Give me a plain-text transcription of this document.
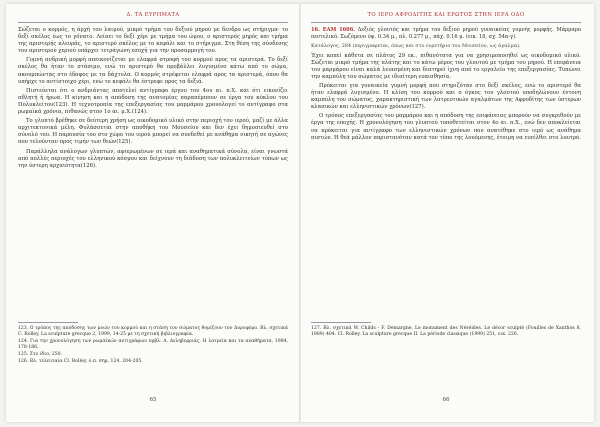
Δ. ΤΑ ΕΥΡΗΜΑΤΑ

Σώζεται ο κορμός, η άρχή του λαιμού, μικρό τμήμα του δεξιού μηρού με δενδρο ως στήριγμα· το δεξί σκέλος έως το γόνατο. Λείπει το δεξί χέρι με τμήμα του ώμου, ο αριστερός μηρός και τμήμα της αριστερής πλευράς, το αριστερό σκέλος με το κεφάλι και το στήριγμα. Στη θέση της σύνδεσης του αριστερού χεριού υπάρχει τετράγωνη εσοχή για την προσαρμογή του.

Γυμνή ανδρική μορφή απεικονίζεται με ελαφρά στροφή του κορμού προς τα αριστερά. Το δεξί σκέλος θα ήταν το στάσιμο, ενώ το αριστερό θα προβάλλει λυγισμένο κάτω από το σώμα, ακουμπώντας στο έδαφος με τα δάχτυλα. Ο κορμός στρέφεται ελαφρά προς τα αριστερά, όπου θα υπήρχε το αντίστοιχο χέρι, ενώ το κεφάλι θα έστρεφε προς τα δεξιά.

Πιστεύεται ότι ο ανδριάντας αποτελεί αντίγραφο έργου του 4ου αι. π.Χ. και ότι εικονίζει αθλητή ή ήρωα. Η κίνηση και η απόδοση της ανατομίας παραπέμπουν σε έργα του κύκλου του Πολυκλείτου(123). Η τεχνοτροπία της επεξεργασίας του μαρμάρου χρονολογεί το αντίγραφο στα ρωμαϊκά χρόνια, πιθανώς στον 1ο αι. μ.Χ.(124).

Το γλυπτό βρέθηκε σε δεύτερη χρήση ως οικοδομικό υλικό στην περιοχή του ιερού, μαζί με άλλα αρχιτεκτονικά μέλη. Φυλάσσεται στην αποθήκη του Μουσείου και δεν έχει δημοσιευθεί στο σύνολό του. Η παρουσία του στο χώρο του ιερού μπορεί να συνδεθεί με ανάθημα νικητή σε αγώνες που τελούνταν προς τιμήν των θεών(125).

Παράλληλα ανάλογων γλυπτών, αφιερωμένων σε ιερά και αναθηματικά σύνολα, είναι γνωστά από πολλές περιοχές του ελληνικού κόσμου και δείχνουν τη διάδοση των πολυκλειτείων τύπων ως την ύστερη αρχαιότητα(126).

123. Ο τρόπος της απόδοσης των μυών του κορμού και η στάση του σώματος θυμίζουν τον Δορυφόρο. Βλ. σχετικά C. Rolley, La sculpture grecque 2, 1999, 14-25 με τη σχετική βιβλιογραφία.

124. Για την χρονολόγηση των ρωμαϊκών αντιγράφων πρβλ. Α. Δεληβορριάς, Η λατρεία και τα αναθήματα, 1984, 178-186.

125. Στο ίδιο, 250.

126. Βλ. τελευταία Cl. Rolley, ό.π. σημ. 124, 204-205.

65
ΤΟ ΙΕΡΟ ΑΦΡΟΔΙΤΗΣ ΚΑΙ ΕΡΩΤΟΣ ΣΤΗΝ ΙΕΡΑ ΟΔΟ
16. ΕΑΜ 1606. Δεξιός γλουτός και τμήμα του δεξιού μηρού γυναικείας γυμνής μορφής. Μάρμαρο πεντελικό. Σωζόμενο ύψ. 0.34 μ., πλ. 0.277 μ., πάχ. 0.16 μ. (εικ. 18, σχ. 54α-γ).
Κατάλογος, 284 (περιγραφεται, όπως και στο ευρετήριο του Μουσείου, ως άγαλμα).

Έχει κοπεί κάθετα σε πλάτος 29 εκ., πιθανότατα για να χρησιμοποιηθεί ως οικοδομικό υλικό. Σώζεται μικρό τμήμα της πλάτης και το κάτω μέρος του γλουτού με τμήμα του μηρού. Η επιφάνεια του μαρμάρου είναι καλά λειασμένη και διατηρεί ίχνη από το εργαλείο της επεξεργασίας. Τυπώνει την καμπύλη του σώματος με ιδιαίτερη ευαισθησία.

Πρόκειται για γυναικεία γυμνή μορφή που στηριζόταν στο δεξί σκέλος, ενώ το αριστερό θα ήταν ελαφρά λυγισμένο. Η κλίση του κορμού και ο όγκος του γλουτού υποδηλώνουν έντονη καμπύλη του σώματος, χαρακτηριστική των λατρευτικών αγαλμάτων της Αφροδίτης των ύστερων κλασικών και ελληνιστικών χρόνων(127).

Ο τρόπος επεξεργασίας του μαρμάρου και η απόδοση της επιφάνειας μπορούν να συγκριθούν με έργα της εποχής. Η χρονολόγηση του γλυπτού τοποθετείται στον 4ο αι. π.Χ., ενώ δεν αποκλείεται να πρόκειται για αντίγραφο των ελληνιστικών χρόνων που ανατέθηκε στο ιερό ως ανάθημα πιστών. Η θεά μάλλον παριστανόταν κατά τον τύπο της λουόμενης, έτοιμη να εισέλθει στο λουτρό.

127. Βλ. σχετικά W. Childs - F. Demargne, Le monument des Néréides. Le décor sculpté (Fouilles de Xanthos 8, 1989) 404. Cl. Rolley, La sculpture grecque II. La période classique (1999) 251, εικ. 226.

66
